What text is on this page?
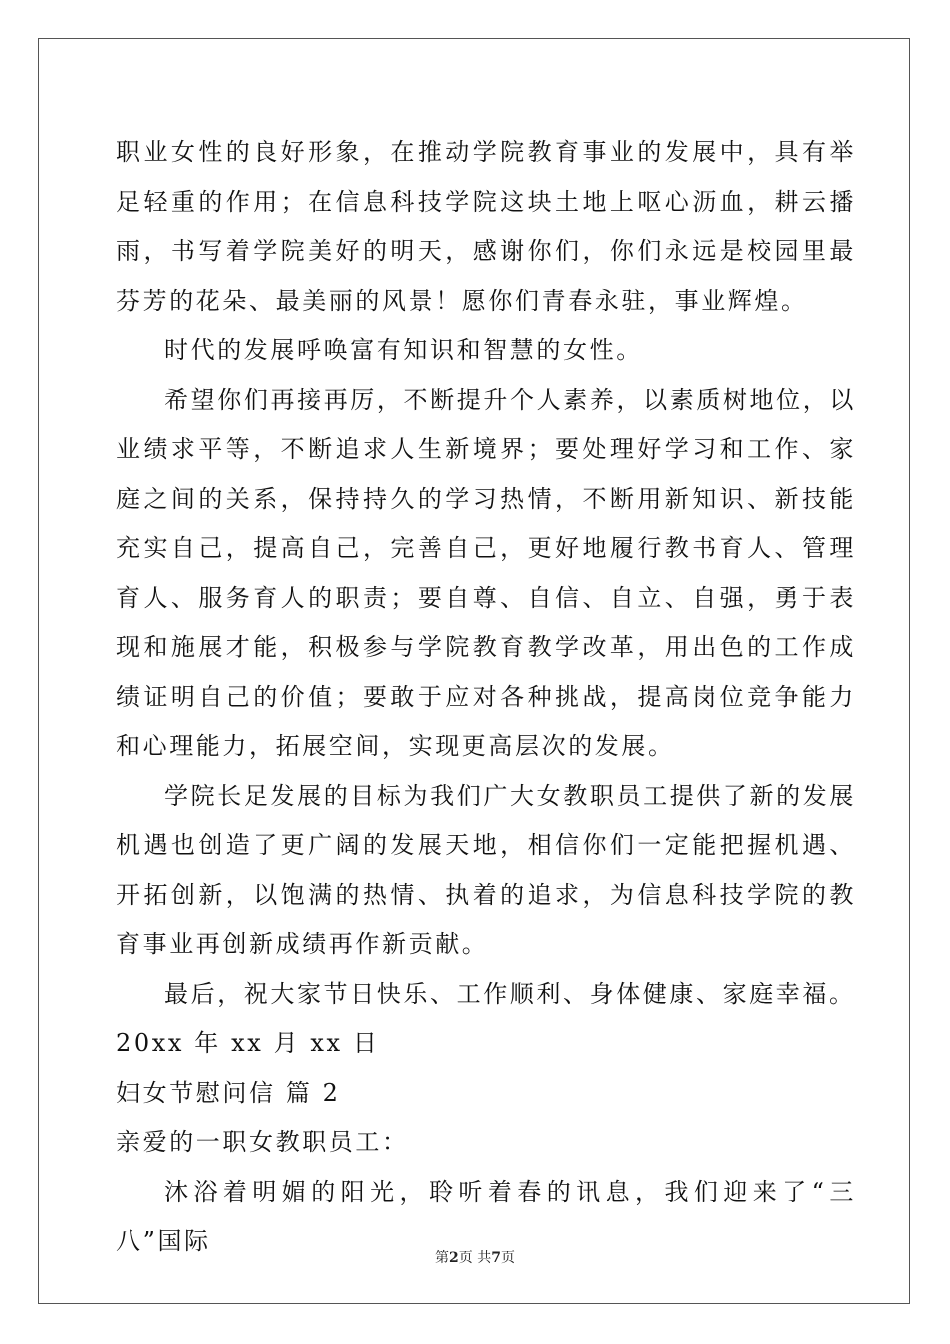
职业女性的良好形象，在推动学院教育事业的发展中，具有举足轻重的作用；在信息科技学院这块土地上呕心沥血，耕云播雨，书写着学院美好的明天，感谢你们，你们永远是校园里最芬芳的花朵、最美丽的风景！愿你们青春永驻，事业辉煌。

时代的发展呼唤富有知识和智慧的女性。

希望你们再接再厉，不断提升个人素养，以素质树地位，以业绩求平等，不断追求人生新境界；要处理好学习和工作、家庭之间的关系，保持持久的学习热情，不断用新知识、新技能充实自己，提高自己，完善自己，更好地履行教书育人、管理育人、服务育人的职责；要自尊、自信、自立、自强，勇于表现和施展才能，积极参与学院教育教学改革，用出色的工作成绩证明自己的价值；要敢于应对各种挑战，提高岗位竞争能力和心理能力，拓展空间，实现更高层次的发展。

学院长足发展的目标为我们广大女教职员工提供了新的发展机遇也创造了更广阔的发展天地，相信你们一定能把握机遇、开拓创新，以饱满的热情、执着的追求，为信息科技学院的教育事业再创新成绩再作新贡献。

最后，祝大家节日快乐、工作顺利、身体健康、家庭幸福。

20xx 年 xx 月 xx 日

妇女节慰问信 篇 2

亲爱的一职女教职员工：

沐浴着明媚的阳光，聆听着春的讯息，我们迎来了“三八”国际

第2页 共7页
